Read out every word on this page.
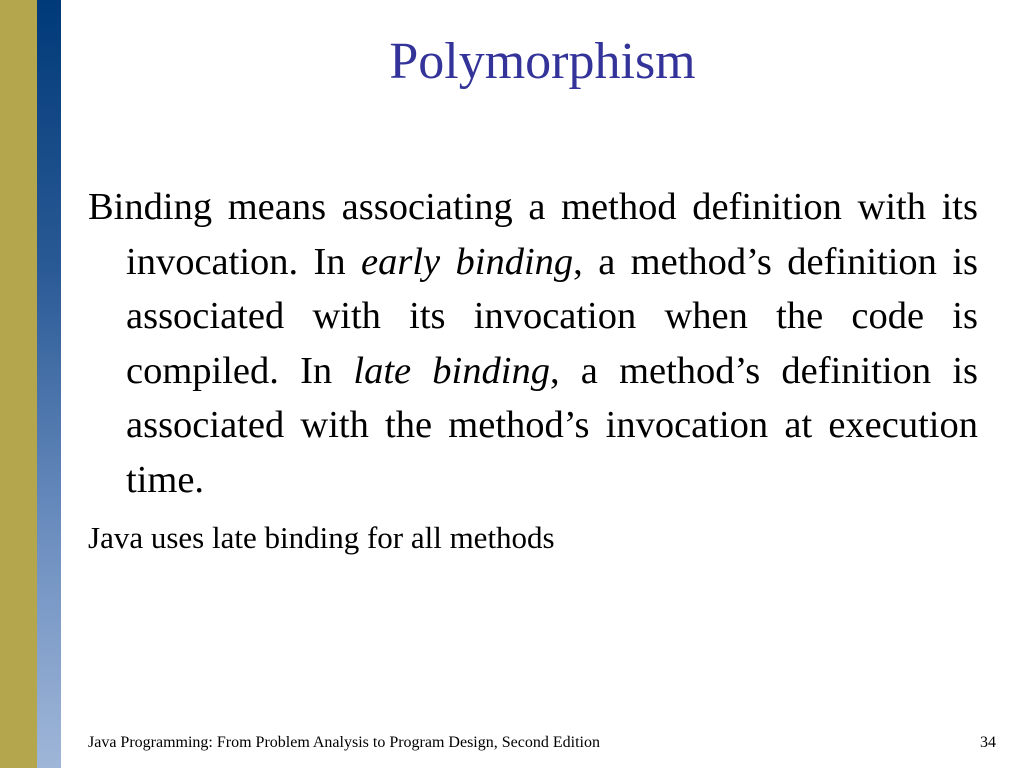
Polymorphism

Binding means associating a method definition with its invocation. In early binding, a method’s definition is associated with its invocation when the code is compiled. In late binding, a method’s definition is associated with the method’s invocation at execution time.

Java uses late binding for all methods

Java Programming: From Problem Analysis to Program Design, Second Edition	34
